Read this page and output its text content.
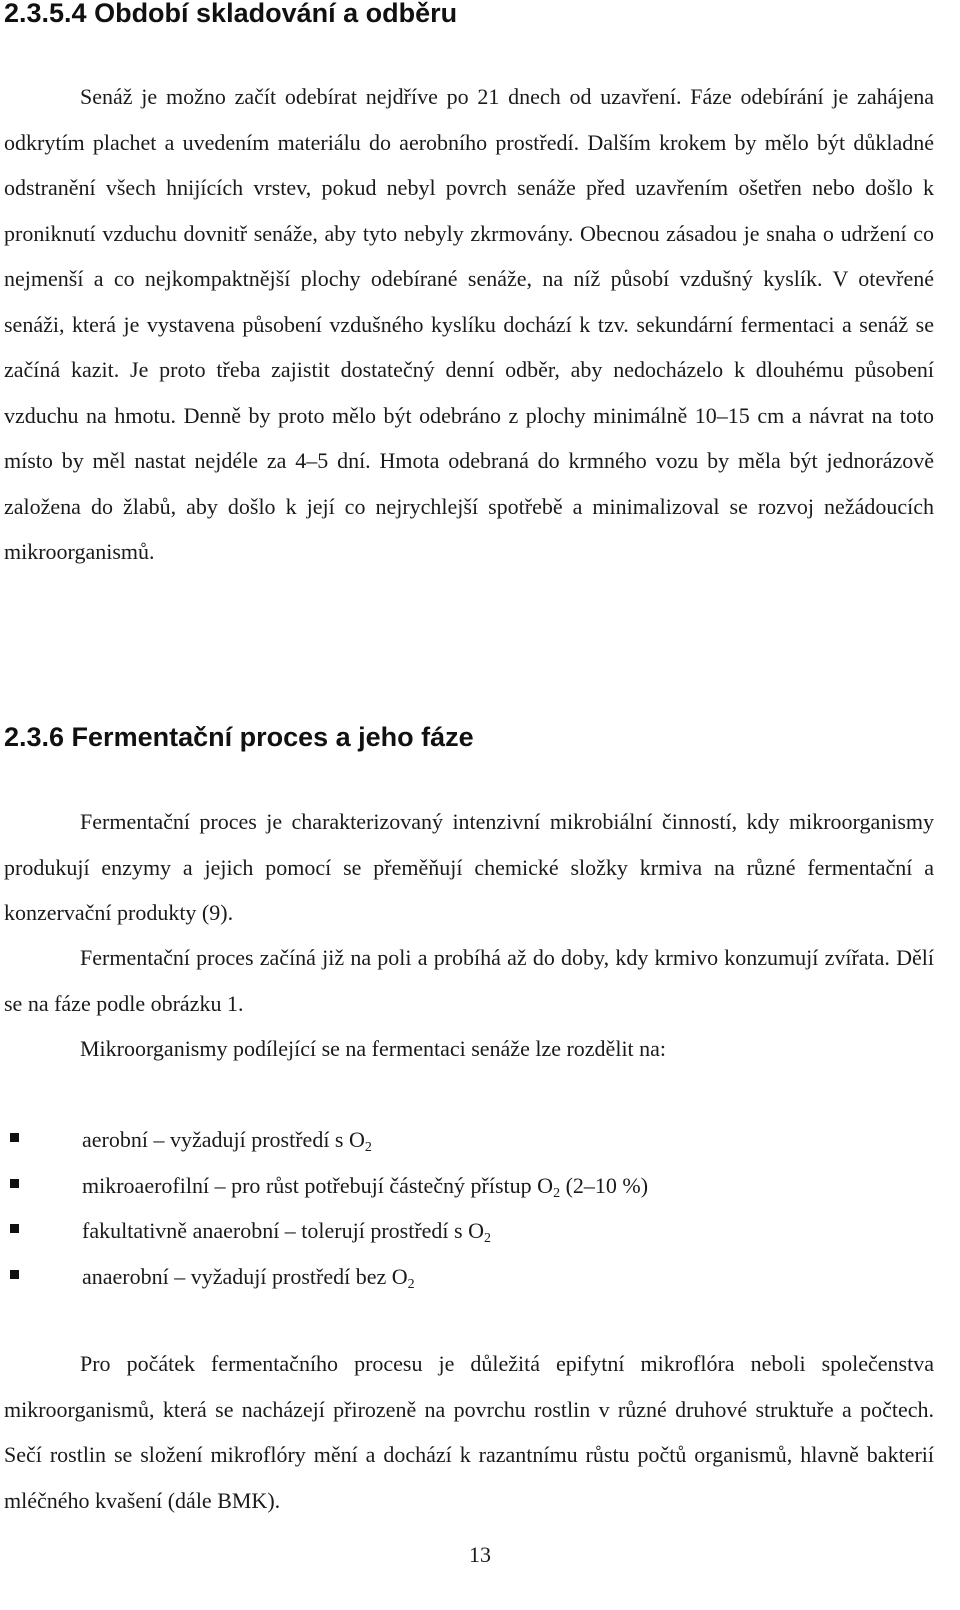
2.3.5.4 Období skladování a odběru

Senáž je možno začít odebírat nejdříve po 21 dnech od uzavření. Fáze odebírání je zahájena odkrytím plachet a uvedením materiálu do aerobního prostředí. Dalším krokem by mělo být důkladné odstranění všech hnijících vrstev, pokud nebyl povrch senáže před uzavřením ošetřen nebo došlo k proniknutí vzduchu dovnitř senáže, aby tyto nebyly zkrmovány. Obecnou zásadou je snaha o udržení co nejmenší a co nejkompaktnější plochy odebírané senáže, na níž působí vzdušný kyslík. V otevřené senáži, která je vystavena působení vzdušného kyslíku dochází k tzv. sekundární fermentaci a senáž se začíná kazit. Je proto třeba zajistit dostatečný denní odběr, aby nedocházelo k dlouhému působení vzduchu na hmotu. Denně by proto mělo být odebráno z plochy minimálně 10–15 cm a návrat na toto místo by měl nastat nejdéle za 4–5 dní. Hmota odebraná do krmného vozu by měla být jednorázově založena do žlabů, aby došlo k její co nejrychlejší spotřebě a minimalizoval se rozvoj nežádoucích mikroorganismů.

2.3.6 Fermentační proces a jeho fáze

Fermentační proces je charakterizovaný intenzivní mikrobiální činností, kdy mikroorganismy produkují enzymy a jejich pomocí se přeměňují chemické složky krmiva na různé fermentační a konzervační produkty (9).

Fermentační proces začíná již na poli a probíhá až do doby, kdy krmivo konzumují zvířata. Dělí se na fáze podle obrázku 1.

Mikroorganismy podílející se na fermentaci senáže lze rozdělit na:

aerobní – vyžadují prostředí s $O_2$
mikroaerofilní – pro růst potřebují částečný přístup $O_2$ (2–10 %)
fakultativně anaerobní – tolerují prostředí s $O_2$
anaerobní – vyžadují prostředí bez $O_2$

Pro počátek fermentačního procesu je důležitá epifytní mikroflóra neboli společenstva mikroorganismů, která se nacházejí přirozeně na povrchu rostlin v různé druhové struktuře a počtech. Sečí rostlin se složení mikroflóry mění a dochází k razantnímu růstu počtů organismů, hlavně bakterií mléčného kvašení (dále BMK).

13
